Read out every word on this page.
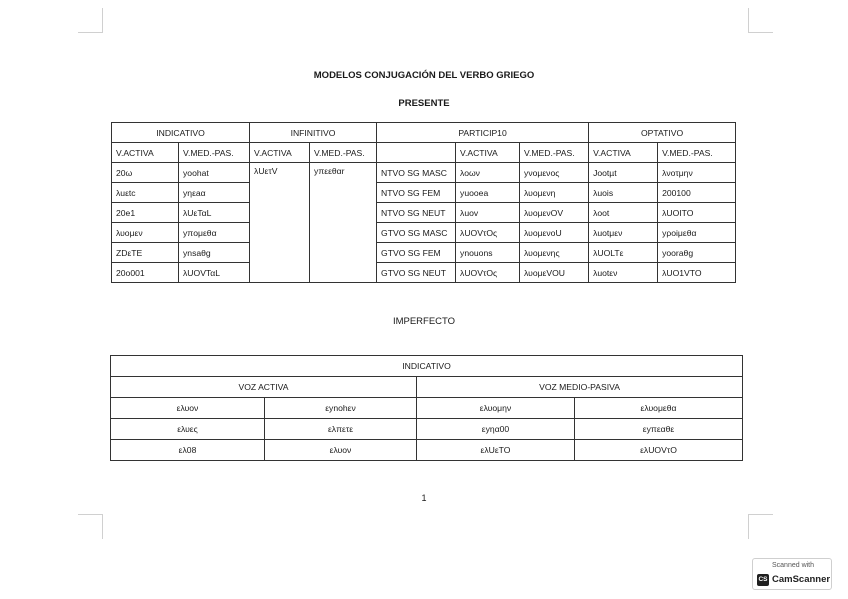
MODELOS CONJUGACIÓN DEL VERBO GRIEGO
PRESENTE
INDICATIVO		INFINITIVO		PARTICIP10			OPTATIVO	
V.ACTIVA	V.MED.-PAS.	V.ACTIVA	V.MED.-PAS.		V.ACTIVA	V.MED.-PAS.	V.ACTIVA	V.MED.-PAS.
20ω	yoohat	λUετV	yπεεθαr	NTVO SG MASC	λοων	yνομενος	Jootµt	λνοτμην
λuεtc	yηεaα			NTVO SG FEM	yuooea	λυομενη	λuois	200100
20e1	λUεΤαL			NTVO SG NEUT	λuov	λυομενOV	λoot	λUOITO
λυομεν	yπoμεθα			GTVO SG MASC	λUOVτOς	λυομενοU	λuotμεν	yρoiμεθα
ZDεTE	ynsaθg			GTVO SG FEM	ynouons	λυομενης	λUOLTε	yooraθg
20o001	λUOVΤαL			GTVO SG NEUT	λUOVτOς	λυομεVOU	λuotεν	λUO1VTO
IMPERFECTO
INDICATIVO			
VOZ ACTIVA		VOZ MEDIO-PASIVA	
ελυον	εynohεν	ελυομην	ελυομεθα
ελυες	ελπετε	εyηα00	εyπεαθε
ελ08	ελυον	ελUεTO	ελUOVτO
1
Scanned with
CS CamScanner
